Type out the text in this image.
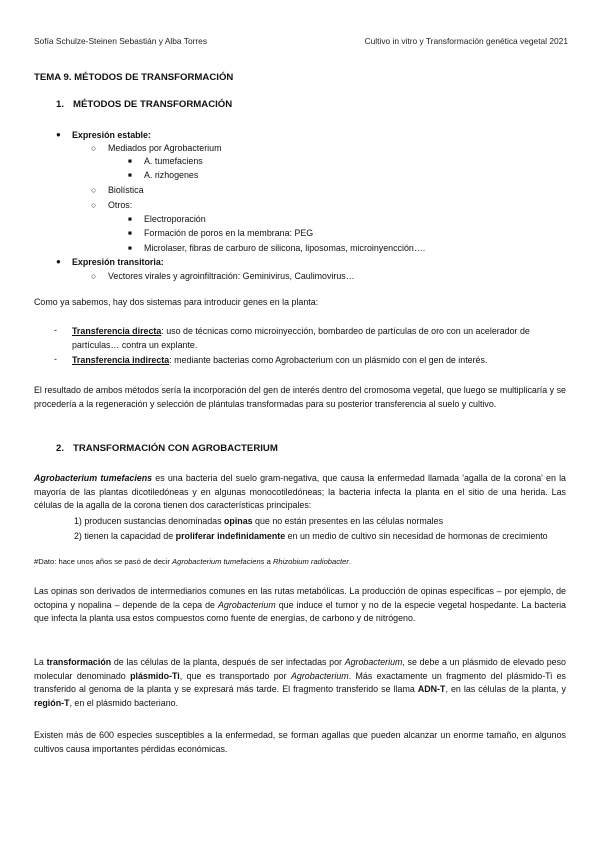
Sofía Schulze-Steinen Sebastián y Alba Torres	Cultivo in vitro y Transformación genética vegetal 2021
TEMA 9. MÉTODOS DE TRANSFORMACIÓN
1. MÉTODOS DE TRANSFORMACIÓN
● Expresión estable:
○ Mediados por Agrobacterium
■ A. tumefaciens
■ A. rizhogenes
○ Biolística
○ Otros:
■ Electroporación
■ Formación de poros en la membrana: PEG
■ Microlaser, fibras de carburo de silicona, liposomas, microinyencción….
● Expresión transitoria:
○ Vectores virales y agroinfiltración: Geminivirus, Caulimovirus…
Como ya sabemos, hay dos sistemas para introducir genes en la planta:
- Transferencia directa: uso de técnicas como microinyección, bombardeo de partículas de oro con un acelerador de partículas… contra un explante.
- Transferencia indirecta: mediante bacterias como Agrobacterium con un plásmido con el gen de interés.
El resultado de ambos métodos sería la incorporación del gen de interés dentro del cromosoma vegetal, que luego se multiplicaría y se procedería a la regeneración y selección de plántulas transformadas para su posterior transferencia al suelo y cultivo.
2. TRANSFORMACIÓN CON AGROBACTERIUM
Agrobacterium tumefaciens es una bacteria del suelo gram-negativa, que causa la enfermedad llamada 'agalla de la corona' en la mayoría de las plantas dicotiledóneas y en algunas monocotiledóneas; la bacteria infecta la planta en el sitio de una herida. Las células de la agalla de la corona tienen dos características principales:
1) producen sustancias denominadas opinas que no están presentes en las células normales
2) tienen la capacidad de proliferar indefinidamente en un medio de cultivo sin necesidad de hormonas de crecimiento
#Dato: hace unos años se pasó de decir Agrobacterium tumefaciens a Rhizobium radiobacter.
Las opinas son derivados de intermediarios comunes en las rutas metabólicas. La producción de opinas específicas – por ejemplo, de octopina y nopalina – depende de la cepa de Agrobacterium que induce el tumor y no de la especie vegetal hospedante. La bacteria que infecta la planta usa estos compuestos como fuente de energías, de carbono y de nitrógeno.
La transformación de las células de la planta, después de ser infectadas por Agrobacterium, se debe a un plásmido de elevado peso molecular denominado plásmido-Ti, que es transportado por Agrobacterium. Más exactamente un fragmento del plásmido-Ti es transferido al genoma de la planta y se expresará más tarde. El fragmento transferido se llama ADN-T, en las células de la planta, y región-T, en el plásmido bacteriano.
Existen más de 600 especies susceptibles a la enfermedad, se forman agallas que pueden alcanzar un enorme tamaño, en algunos cultivos causa importantes pérdidas económicas.
